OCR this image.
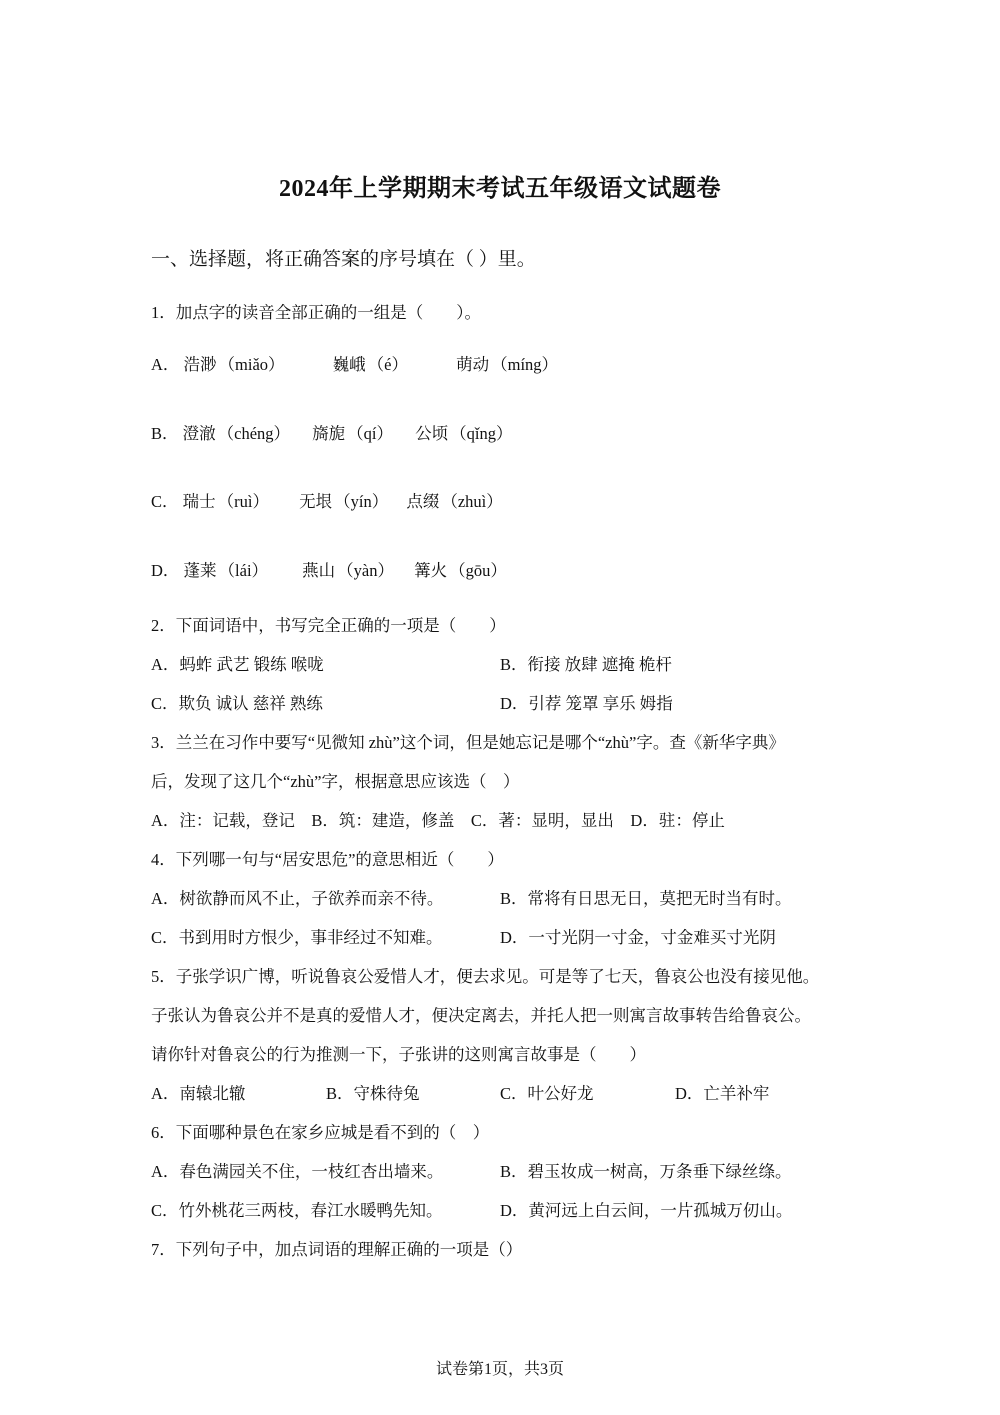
2024年上学期期末考试五年级语文试题卷
一、选择题，将正确答案的序号填在（ ）里。
1．加点字的读音全部正确的一组是（　　）。
A． 浩渺 （miǎo）	巍峨 （é）	萌动 （míng）
B． 澄澈 （chéng） 旖旎 （qí） 公顷 （qǐng）
C． 瑞士 （ruì） 无垠 （yín） 点缀 （zhuì）
D． 蓬莱 （lái） 燕山 （yàn） 篝火 （gōu）
2．下面词语中，书写完全正确的一项是（　　）
A．蚂蚱 武艺 锻练 喉咙	B．衔接 放肆 遮掩 桅杆
C．欺负 诚认 慈祥 熟练	D．引荐 笼罩 享乐 姆指
3．兰兰在习作中要写“见微知 zhù”这个词，但是她忘记是哪个“zhù”字。查《新华字典》
后，发现了这几个“zhù”字，根据意思应该选（　）
A．注：记载，登记　B．筑：建造，修盖　C．著：显明，显出　D．驻：停止
4．下列哪一句与“居安思危”的意思相近（　　）
A．树欲静而风不止，子欲养而亲不待。	B．常将有日思无日，莫把无时当有时。
C．书到用时方恨少，事非经过不知难。	D．一寸光阴一寸金，寸金难买寸光阴
5．子张学识广博，听说鲁哀公爱惜人才，便去求见。可是等了七天，鲁哀公也没有接见他。
子张认为鲁哀公并不是真的爱惜人才，便决定离去，并托人把一则寓言故事转告给鲁哀公。
请你针对鲁哀公的行为推测一下，子张讲的这则寓言故事是（　　）
A．南辕北辙	B．守株待兔	C．叶公好龙	D．亡羊补牢
6．下面哪种景色在家乡应城是看不到的（　）
A．春色满园关不住，一枝红杏出墙来。	B．碧玉妆成一树高，万条垂下绿丝绦。
C．竹外桃花三两枝，春江水暖鸭先知。	D．黄河远上白云间，一片孤城万仞山。
7．下列句子中，加点词语的理解正确的一项是（）
试卷第1页，共3页
